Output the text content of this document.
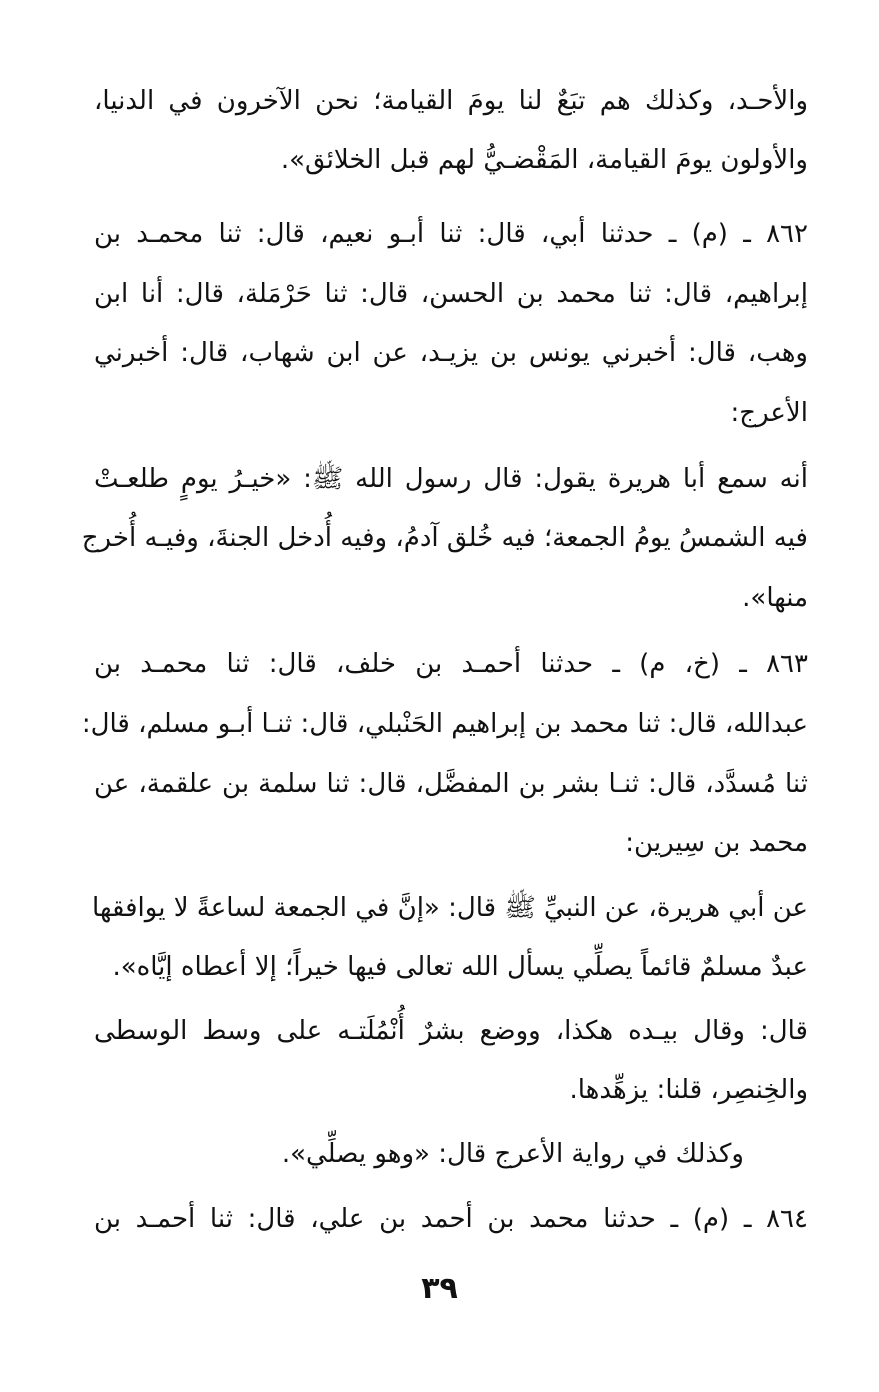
والأحـد، وكذلك هم تبَعٌ لنا يومَ القيامة؛ نحن الآخرون في الدنيا،
والأولون يومَ القيامة، المَقْضـيُّ لهم قبل الخلائق».
٨٦٢ ـ (م) ـ حدثنا أبي، قال: ثنا أبـو نعيم، قال: ثنا محمـد بن
إبراهيم، قال: ثنا محمد بن الحسن، قال: ثنا حَرْمَلة، قال: أنا ابن
وهب، قال: أخبرني يونس بن يزيـد، عن ابن شهاب، قال: أخبرني
الأعرج:
أنه سمع أبا هريرة يقول: قال رسول الله ﷺ: «خيـرُ يومٍ طلعـتْ
فيه الشمسُ يومُ الجمعة؛ فيه خُلق آدمُ، وفيه أُدخل الجنةَ، وفيـه أُخرج
منها».
٨٦٣ ـ (خ، م) ـ حدثنا أحمـد بن خلف، قال: ثنا محمـد بن
عبدالله، قال: ثنا محمد بن إبراهيم الحَنْبلي، قال: ثنـا أبـو مسلم، قال:
ثنا مُسدَّد، قال: ثنـا بشر بن المفضَّل، قال: ثنا سلمة بن علقمة، عن
محمد بن سِيرين:
عن أبي هريرة، عن النبيِّ ﷺ قال: «إنَّ في الجمعة لساعةً لا يوافقها
عبدٌ مسلمٌ قائماً يصلِّي يسأل الله تعالى فيها خيراً؛ إلا أعطاه إيَّاه».
قال: وقال بيـده هكذا، ووضع بشرٌ أُنْمُلَتـه على وسط الوسطى
والخِنصِر، قلنا: يزهِّدها.
وكذلك في رواية الأعرج قال: «وهو يصلِّي».
٨٦٤ ـ (م) ـ حدثنا محمد بن أحمد بن علي، قال: ثنا أحمـد بن
٣٩
